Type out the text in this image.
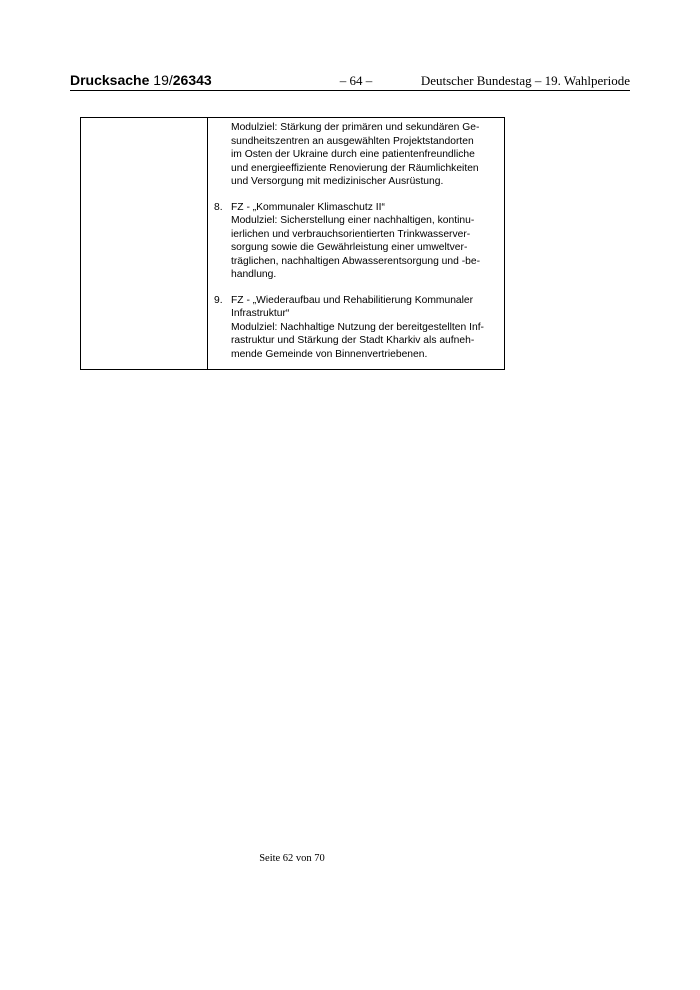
Drucksache 19/26343	– 64 –	Deutscher Bundestag – 19. Wahlperiode
Modulziel: Stärkung der primären und sekundären Ge-
sundheitszentren an ausgewählten Projektstandorten
im Osten der Ukraine durch eine patientenfreundliche
und energieeffiziente Renovierung der Räumlichkeiten
und Versorgung mit medizinischer Ausrüstung.
8. FZ - „Kommunaler Klimaschutz II“
Modulziel: Sicherstellung einer nachhaltigen, kontinu-
ierlichen und verbrauchsorientierten Trinkwasserver-
sorgung sowie die Gewährleistung einer umweltver-
träglichen, nachhaltigen Abwasserentsorgung und -be-
handlung.
9. FZ - „Wiederaufbau und Rehabilitierung Kommunaler
Infrastruktur“
Modulziel: Nachhaltige Nutzung der bereitgestellten Inf-
rastruktur und Stärkung der Stadt Kharkiv als aufneh-
mende Gemeinde von Binnenvertriebenen.
Seite 62 von 70
